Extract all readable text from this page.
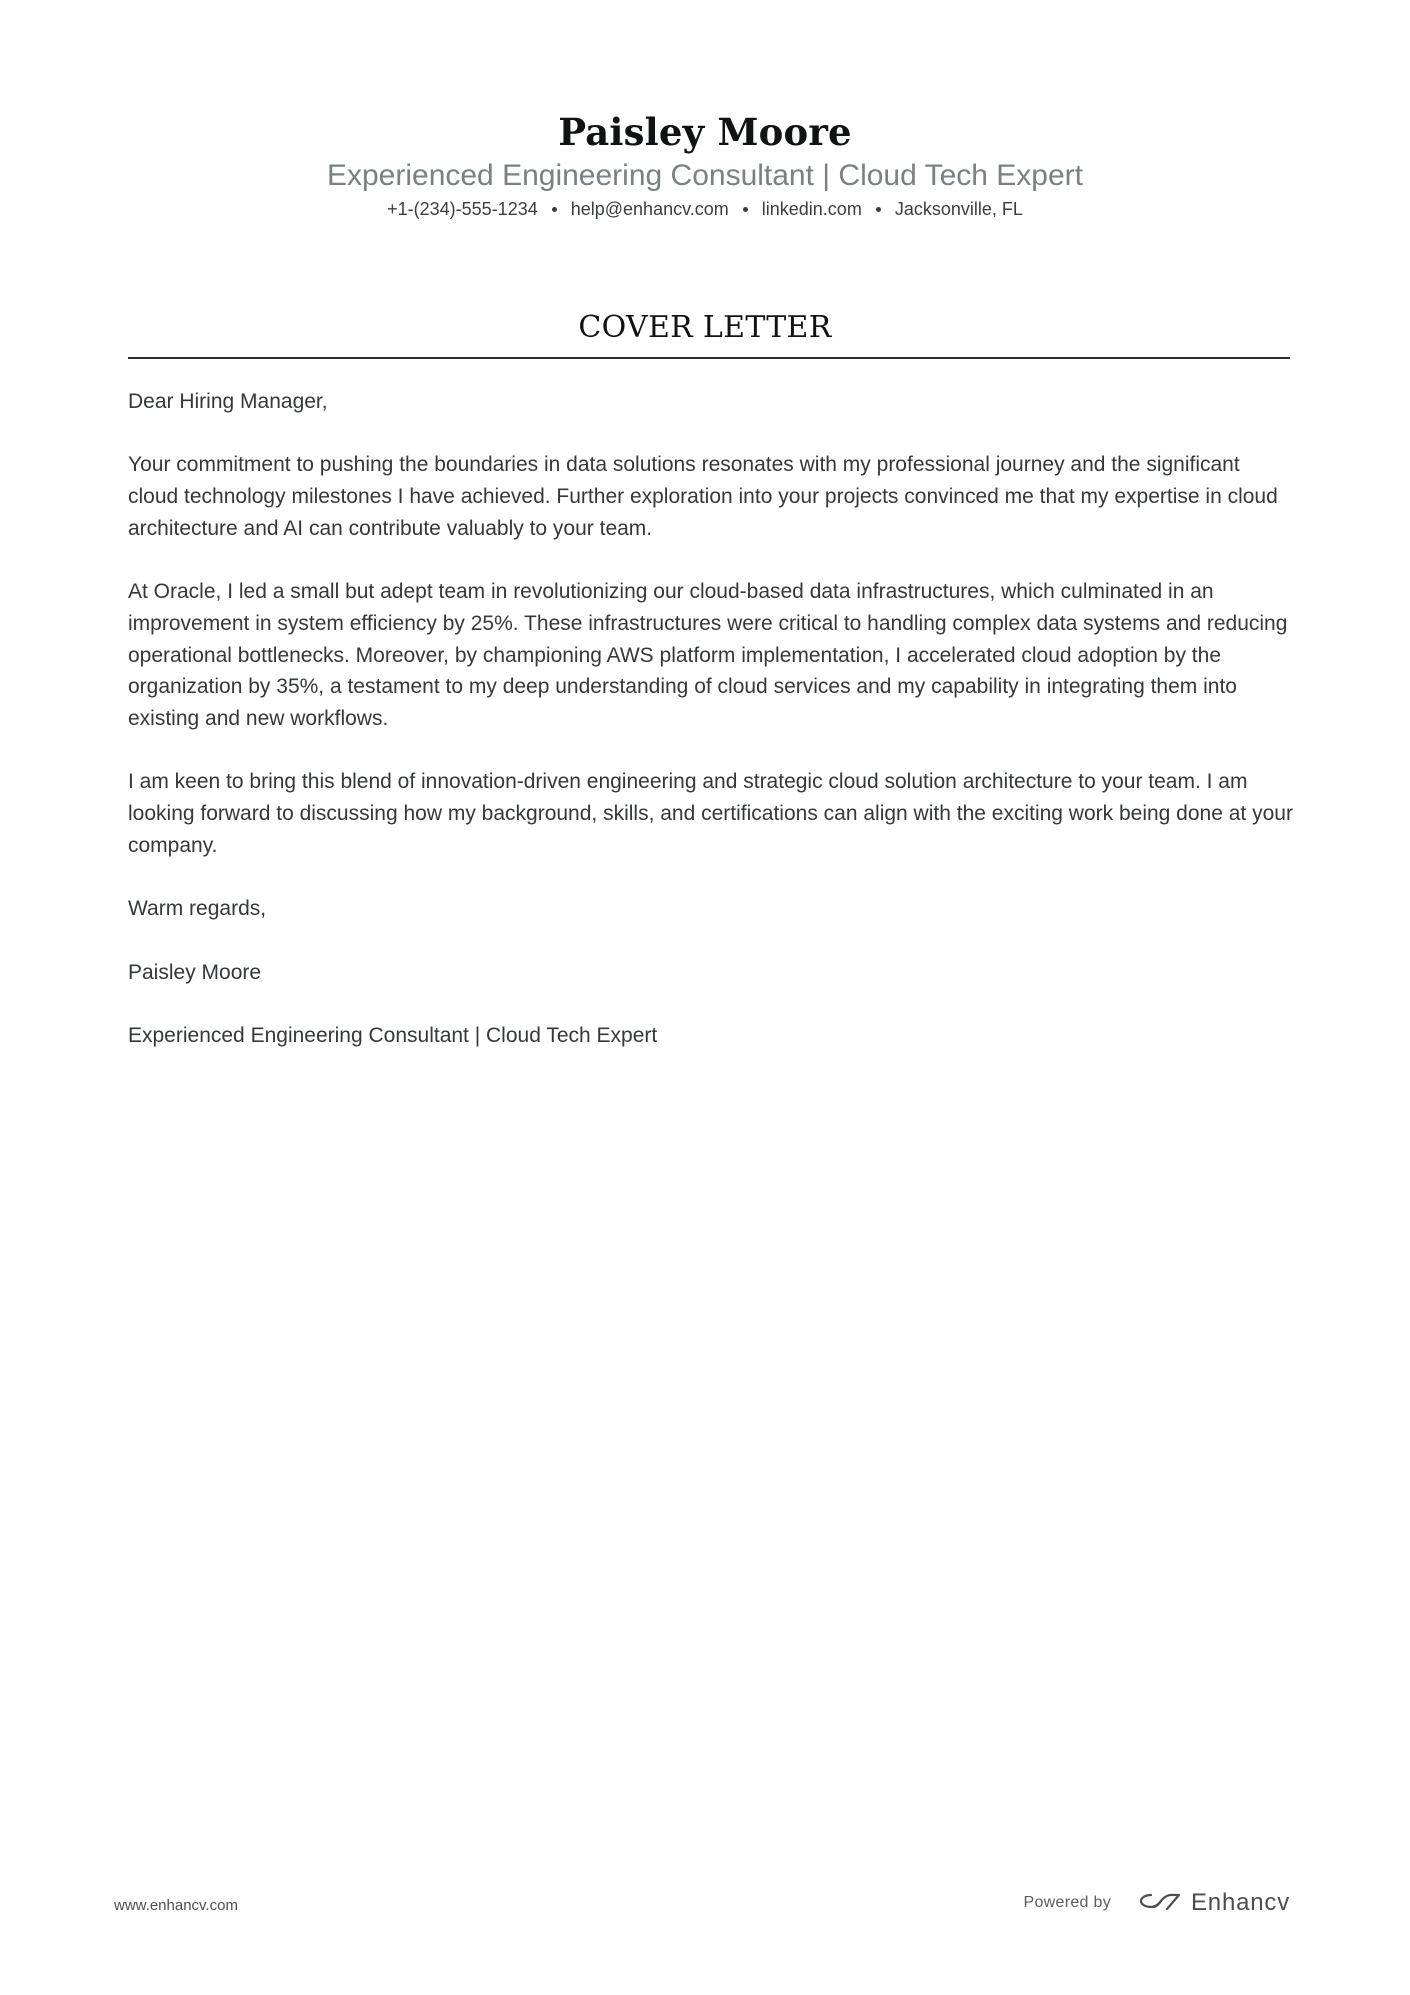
Paisley Moore
Experienced Engineering Consultant | Cloud Tech Expert
+1-(234)-555-1234 help@enhancv.com linkedin.com Jacksonville, FL
COVER LETTER

Dear Hiring Manager,

Your commitment to pushing the boundaries in data solutions resonates with my professional journey and the significant cloud technology milestones I have achieved. Further exploration into your projects convinced me that my expertise in cloud architecture and AI can contribute valuably to your team.

At Oracle, I led a small but adept team in revolutionizing our cloud-based data infrastructures, which culminated in an improvement in system efficiency by 25%. These infrastructures were critical to handling complex data systems and reducing operational bottlenecks. Moreover, by championing AWS platform implementation, I accelerated cloud adoption by the organization by 35%, a testament to my deep understanding of cloud services and my capability in integrating them into existing and new workflows.

I am keen to bring this blend of innovation-driven engineering and strategic cloud solution architecture to your team. I am looking forward to discussing how my background, skills, and certifications can align with the exciting work being done at your company.

Warm regards,

Paisley Moore

Experienced Engineering Consultant | Cloud Tech Expert

www.enhancv.com	Powered by	Enhancv
